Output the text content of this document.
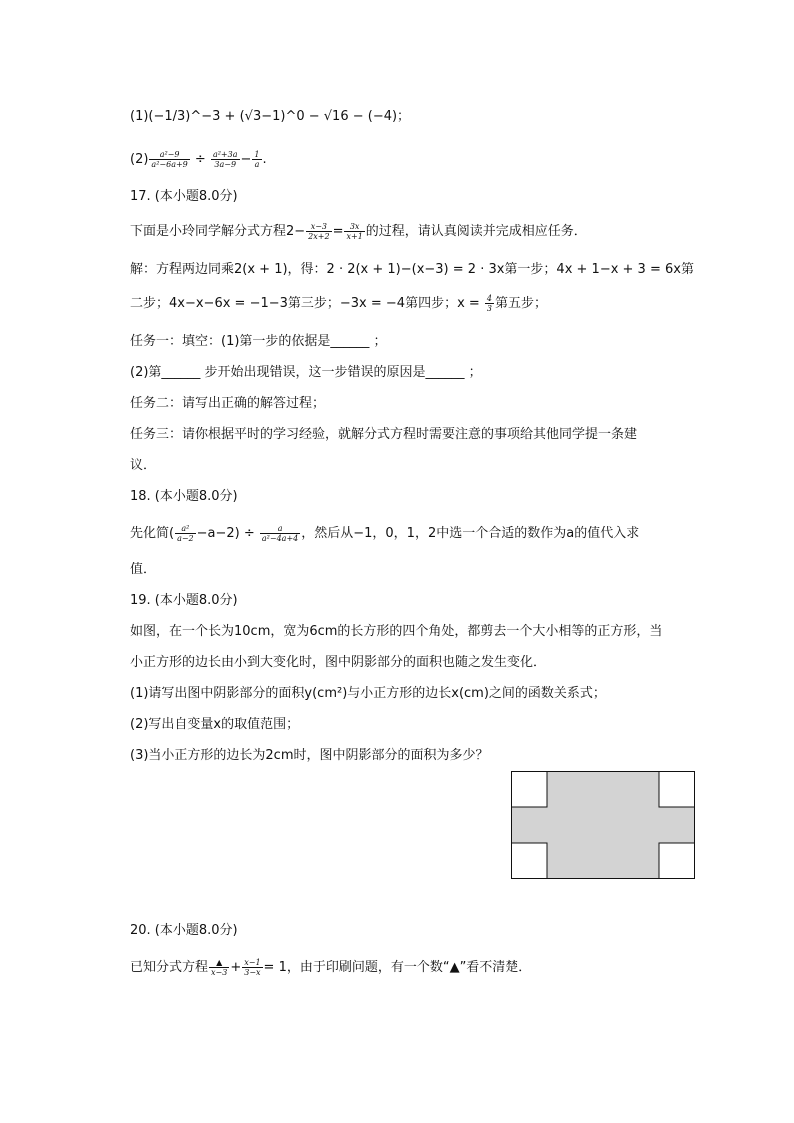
(1)(−1/3)^−3 + (√3−1)^0 − √16 − (−4)；
$(2) \frac{\text{a²−9}}{\text{a²−6a+9}} \div \frac{\text{a²+3a}}{3a-9} - \frac{1}{a}$ .
17. (本小题8.0分)
下面是小玲同学解分式方程$2- \frac{x-3}{2x+2} = \frac{3x}{x+1}$ 的过程，请认真阅读并完成相应任务．
解：方程两边同乘2(x + 1)，得：2 · 2(x + 1)−(x−3) = 2 · 3x第一步；4x + 1−x + 3 = 6x第
二步；4x−x−6x = −1−3第三步；−3x = −4第四步；$x = \frac{4}{3}$ 第五步；
任务一：填空：(1)第一步的依据是______ ；
(2)第______ 步开始出现错误，这一步错误的原因是______ ；
任务二：请写出正确的解答过程；
任务三：请你根据平时的学习经验，就解分式方程时需要注意的事项给其他同学提一条建
议．
18. (本小题8.0分)
先化简( $\frac{\text{a²}}{a-2} -a-2) \div \frac{a}{\text{a²−4a+4}}$ ，然后从−1，0，1，2中选一个合适的数作为a的值代入求
值．
19. (本小题8.0分)
如图，在一个长为10cm，宽为6cm的长方形的四个角处，都剪去一个大小相等的正方形，当
小正方形的边长由小到大变化时，图中阴影部分的面积也随之发生变化．
(1)请写出图中阴影部分的面积y(cm²)与小正方形的边长x(cm)之间的函数关系式；
(2)写出自变量x的取值范围；
(3)当小正方形的边长为2cm时，图中阴影部分的面积为多少？
20. (本小题8.0分)
已知分式方程 $\frac{▲}{x-3} + \frac{x-1}{3-x} = 1$，由于印刷问题，有一个数“▲”看不清楚．
